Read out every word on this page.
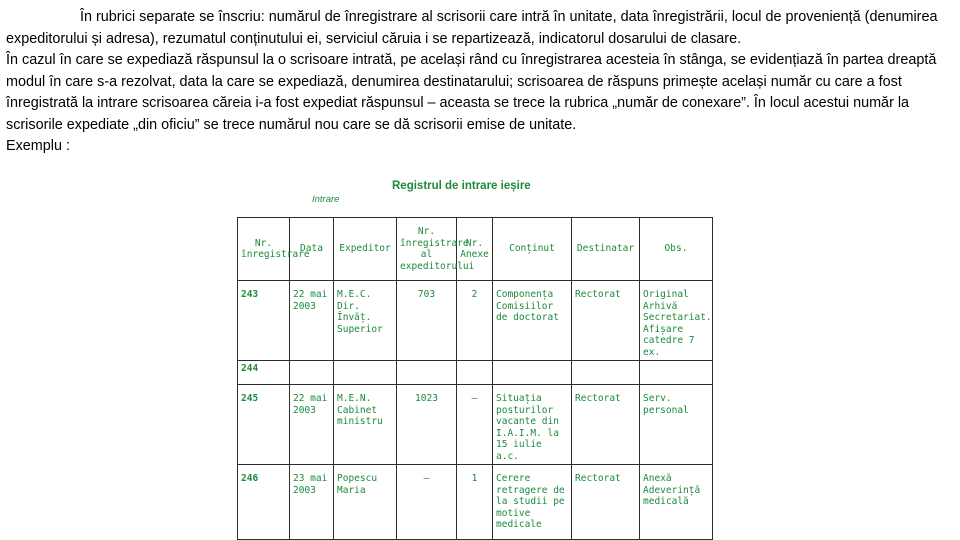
În rubrici separate se înscriu: numărul de înregistrare al scrisorii care intră în unitate, data înregistrării, locul de proveniență (denumirea expeditorului și adresa), rezumatul conținutului ei, serviciul căruia i se repartizează, indicatorul dosarului de clasare.

În cazul în care se expediază răspunsul la o scrisoare intrată, pe același rând cu înregistrarea acesteia în stânga, se evidențiază în partea dreaptă modul în care s-a rezolvat, data la care se expediază, denumirea destinatarului; scrisoarea de răspuns primește același număr cu care a fost înregistrată la intrare scrisoarea căreia i-a fost expediat răspunsul – aceasta se trece la rubrica „număr de conexare”. În locul acestui număr la scrisorile expediate „din oficiu” se trece numărul nou care se dă scrisorii emise de unitate.

Exemplu :

Registrul de intrare ieșire
Intrare
Nr. înregistrare	Data	Expeditor	Nr. înregistrare al expeditorului	Nr. Anexe	Conținut	Destinatar	Obs.
243	22 mai 2003	M.E.C. Dir. Învăț. Superior	703	2	Componența Comisiilor de doctorat	Rectorat	Original Arhivă Secretariat. Afișare catedre 7 ex.
244							
245	22 mai 2003	M.E.N. Cabinet ministru	1023	–	Situația posturilor vacante din I.A.I.M. la 15 iulie a.c.	Rectorat	Serv. personal
246	23 mai 2003	Popescu Maria	–	1	Cerere retragere de la studii pe motive medicale	Rectorat	Anexă Adeverință medicală
